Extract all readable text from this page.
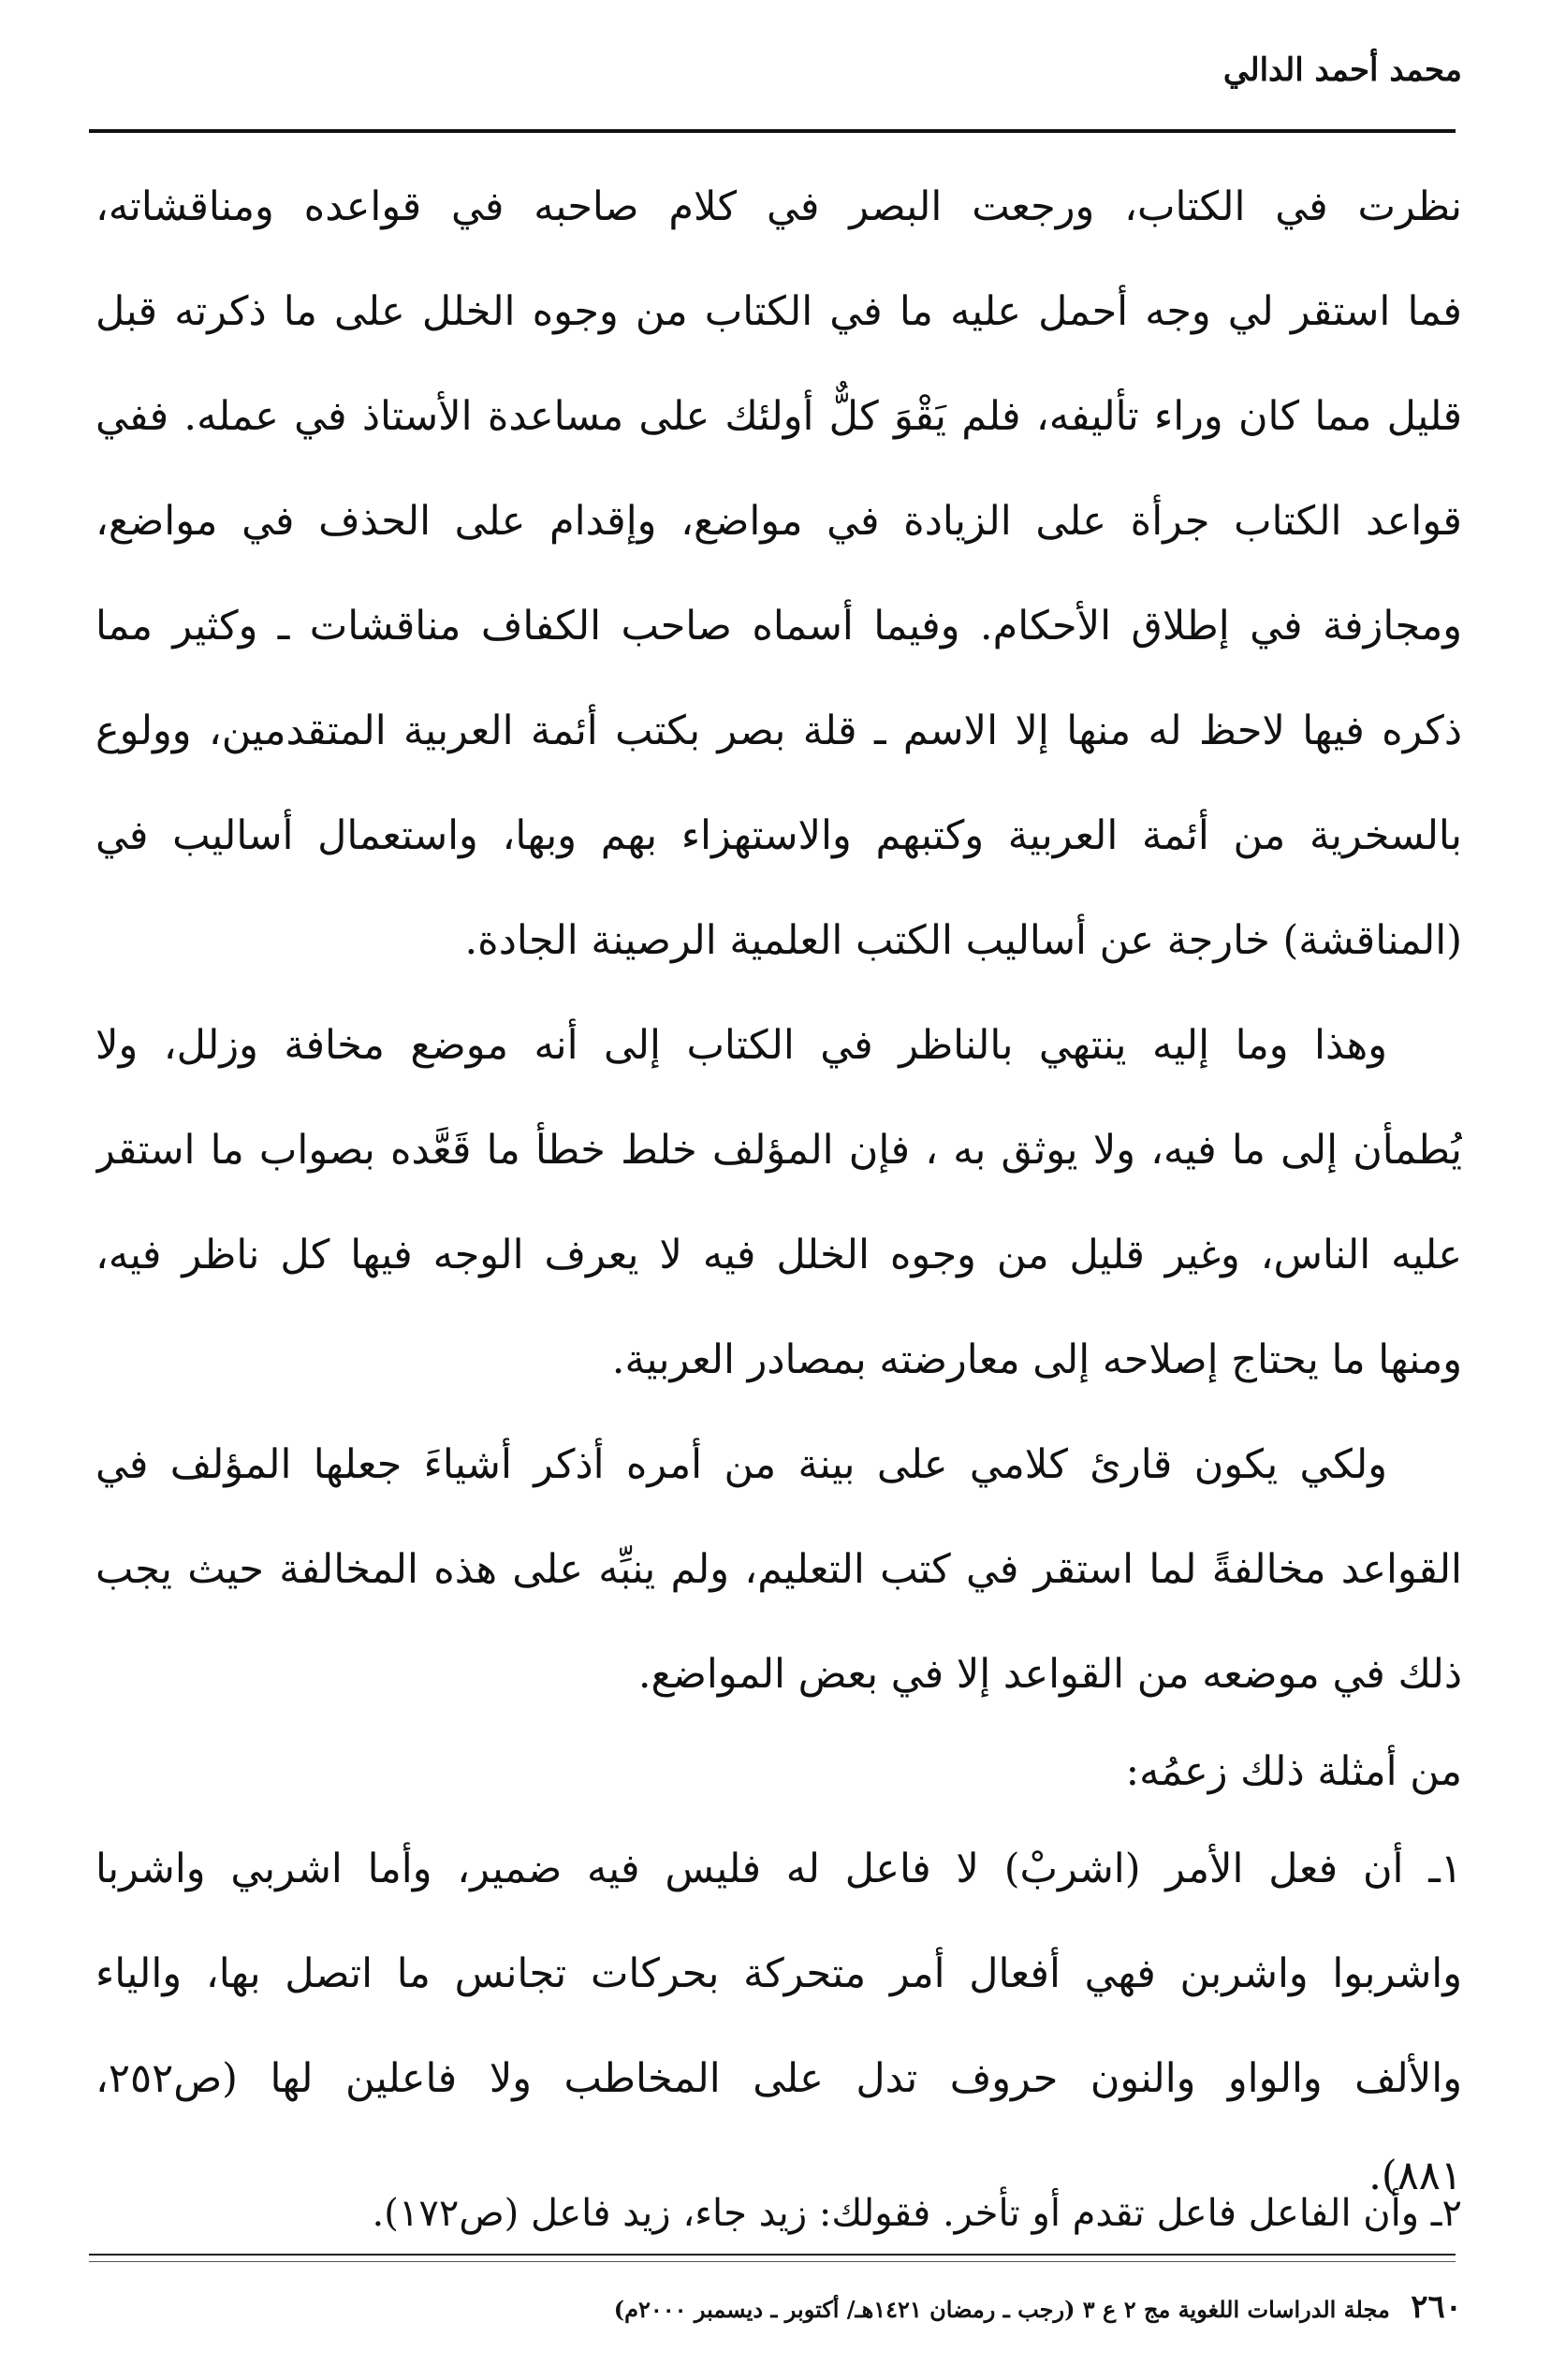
محمد أحمد الدالي
نظرت في الكتاب، ورجعت البصر في كلام صاحبه في قواعده ومناقشاته،
فما استقر لي وجه أحمل عليه ما في الكتاب من وجوه الخلل على ما ذكرته قبل
قليل مما كان وراء تأليفه، فلم يَقْوَ كلٌّ أولئك على مساعدة الأستاذ في عمله. ففي
قواعد الكتاب جرأة على الزيادة في مواضع، وإقدام على الحذف في مواضع،
ومجازفة في إطلاق الأحكام. وفيما أسماه صاحب الكفاف مناقشات ـ وكثير مما
ذكره فيها لاحظ له منها إلا الاسم ـ قلة بصر بكتب أئمة العربية المتقدمين، وولوع
بالسخرية من أئمة العربية وكتبهم والاستهزاء بهم وبها، واستعمال أساليب في
(المناقشة) خارجة عن أساليب الكتب العلمية الرصينة الجادة.
وهذا وما إليه ينتهي بالناظر في الكتاب إلى أنه موضع مخافة وزلل، ولا
يُطمأن إلى ما فيه، ولا يوثق به ، فإن المؤلف خلط خطأ ما قَعَّده بصواب ما استقر
عليه الناس، وغير قليل من وجوه الخلل فيه لا يعرف الوجه فيها كل ناظر فيه،
ومنها ما يحتاج إصلاحه إلى معارضته بمصادر العربية.
ولكي يكون قارئ كلامي على بينة من أمره أذكر أشياءَ جعلها المؤلف في
القواعد مخالفةً لما استقر في كتب التعليم، ولم ينبِّه على هذه المخالفة حيث يجب
ذلك في موضعه من القواعد إلا في بعض المواضع.
من أمثلة ذلك زعمُه:
١ـ أن فعل الأمر (اشربْ) لا فاعل له فليس فيه ضمير، وأما اشربي واشربا
واشربوا واشربن فهي أفعال أمر متحركة بحركات تجانس ما اتصل بها، والياء
والألف والواو والنون حروف تدل على المخاطب ولا فاعلين لها (ص٢٥٢،
٨٨١).
٢ـ وأن الفاعل فاعل تقدم أو تأخر. فقولك: زيد جاء، زيد فاعل (ص١٧٢).
٢٦٠ مجلة الدراسات اللغوية مج ٢ ع ٣ (رجب ـ رمضان ١٤٢١هـ/ أكتوبر ـ ديسمبر ٢٠٠٠م)
